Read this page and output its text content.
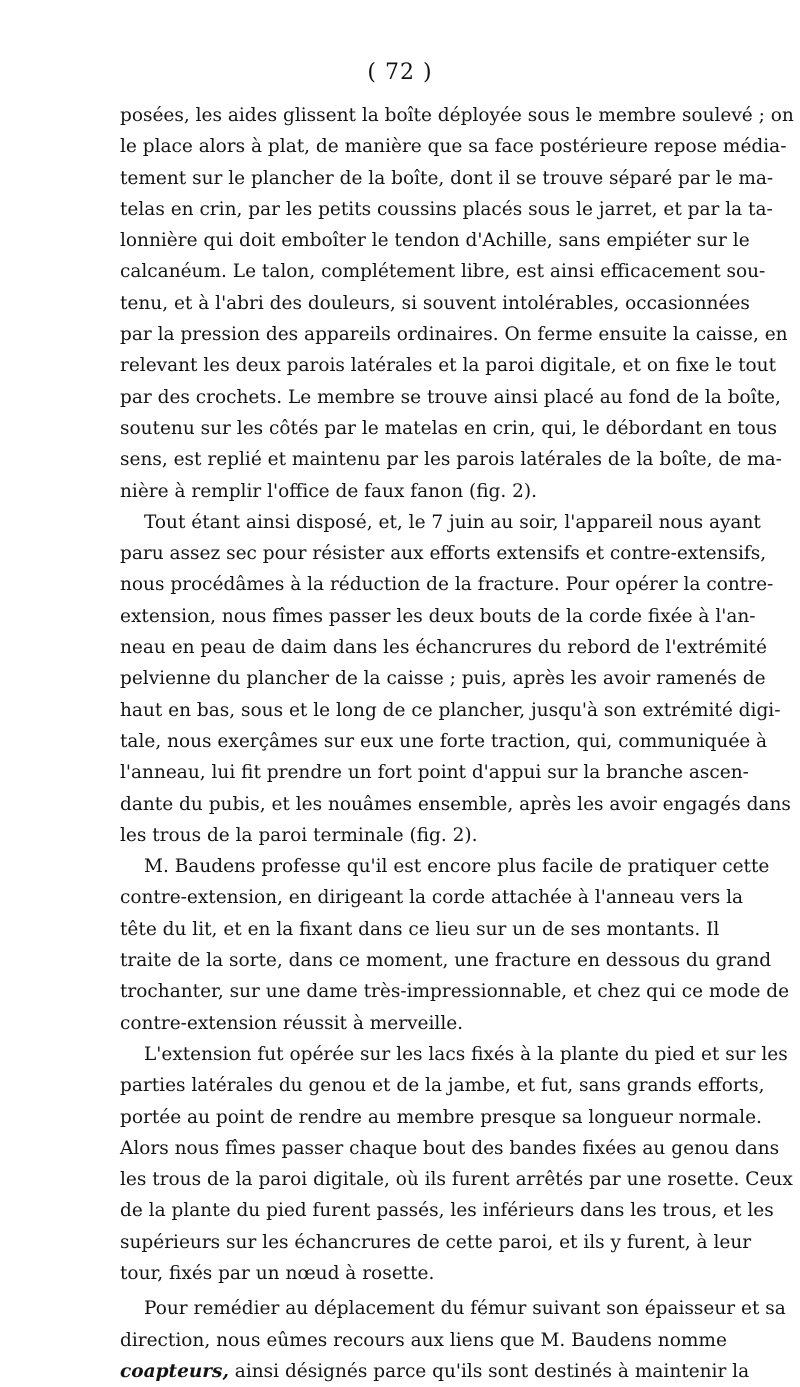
( 72 )
posées, les aides glissent la boîte déployée sous le membre soulevé ; on
le place alors à plat, de manière que sa face postérieure repose média-
tement sur le plancher de la boîte, dont il se trouve séparé par le ma-
telas en crin, par les petits coussins placés sous le jarret, et par la ta-
lonnière qui doit emboîter le tendon d'Achille, sans empiéter sur le
calcanéum. Le talon, complétement libre, est ainsi efficacement sou-
tenu, et à l'abri des douleurs, si souvent intolérables, occasionnées
par la pression des appareils ordinaires. On ferme ensuite la caisse, en
relevant les deux parois latérales et la paroi digitale, et on fixe le tout
par des crochets. Le membre se trouve ainsi placé au fond de la boîte,
soutenu sur les côtés par le matelas en crin, qui, le débordant en tous
sens, est replié et maintenu par les parois latérales de la boîte, de ma-
nière à remplir l'office de faux fanon (fig. 2).
Tout étant ainsi disposé, et, le 7 juin au soir, l'appareil nous ayant
paru assez sec pour résister aux efforts extensifs et contre-extensifs,
nous procédâmes à la réduction de la fracture. Pour opérer la contre-
extension, nous fîmes passer les deux bouts de la corde fixée à l'an-
neau en peau de daim dans les échancrures du rebord de l'extrémité
pelvienne du plancher de la caisse ; puis, après les avoir ramenés de
haut en bas, sous et le long de ce plancher, jusqu'à son extrémité digi-
tale, nous exerçâmes sur eux une forte traction, qui, communiquée à
l'anneau, lui fit prendre un fort point d'appui sur la branche ascen-
dante du pubis, et les nouâmes ensemble, après les avoir engagés dans
les trous de la paroi terminale (fig. 2).
M. Baudens professe qu'il est encore plus facile de pratiquer cette
contre-extension, en dirigeant la corde attachée à l'anneau vers la
tête du lit, et en la fixant dans ce lieu sur un de ses montants. Il
traite de la sorte, dans ce moment, une fracture en dessous du grand
trochanter, sur une dame très-impressionnable, et chez qui ce mode de
contre-extension réussit à merveille.
L'extension fut opérée sur les lacs fixés à la plante du pied et sur les
parties latérales du genou et de la jambe, et fut, sans grands efforts,
portée au point de rendre au membre presque sa longueur normale.
Alors nous fîmes passer chaque bout des bandes fixées au genou dans
les trous de la paroi digitale, où ils furent arrêtés par une rosette. Ceux
de la plante du pied furent passés, les inférieurs dans les trous, et les
supérieurs sur les échancrures de cette paroi, et ils y furent, à leur
tour, fixés par un nœud à rosette.
Pour remédier au déplacement du fémur suivant son épaisseur et sa
direction, nous eûmes recours aux liens que M. Baudens nomme
coapteurs, ainsi désignés parce qu'ils sont destinés à maintenir la
